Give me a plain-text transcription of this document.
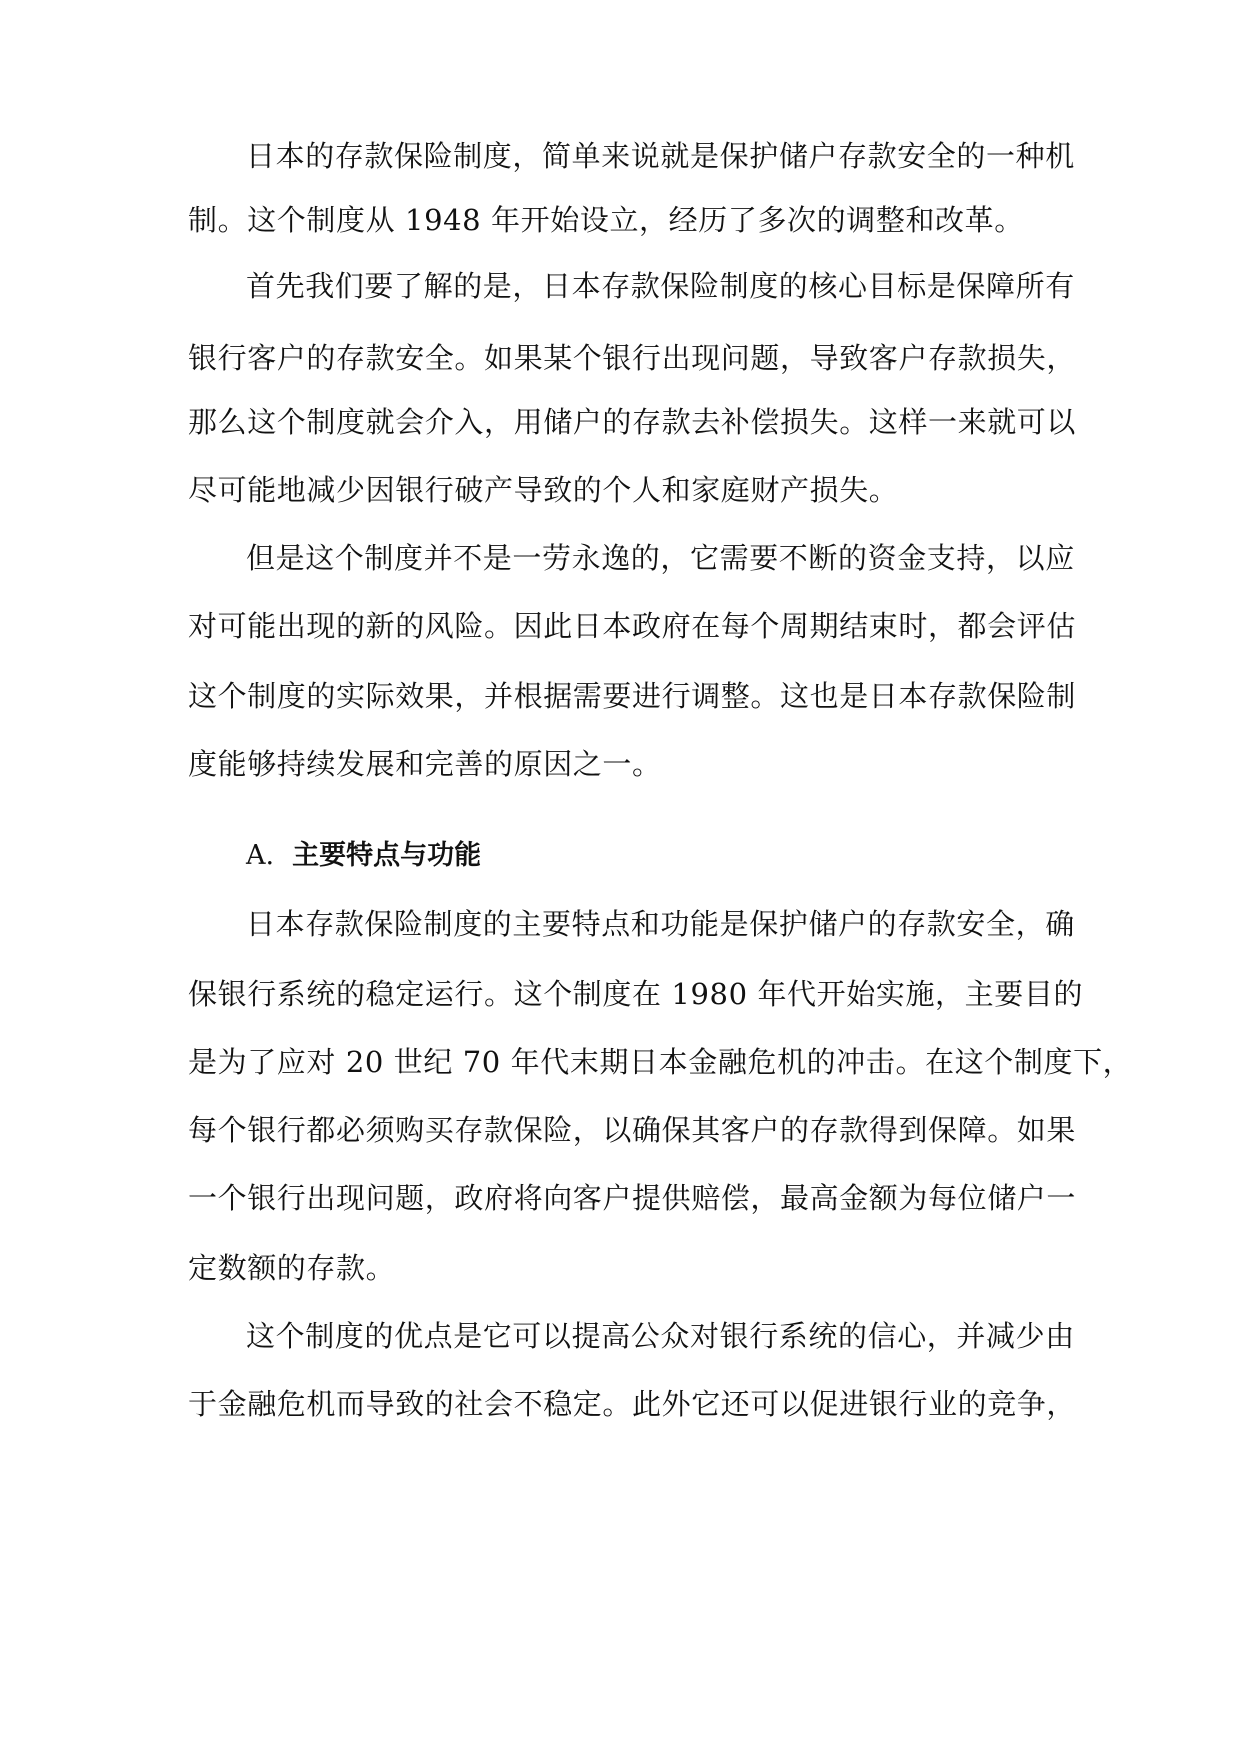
日本的存款保险制度，简单来说就是保护储户存款安全的一种机
制。这个制度从 1948 年开始设立，经历了多次的调整和改革。
首先我们要了解的是，日本存款保险制度的核心目标是保障所有
银行客户的存款安全。如果某个银行出现问题，导致客户存款损失，
那么这个制度就会介入，用储户的存款去补偿损失。这样一来就可以
尽可能地减少因银行破产导致的个人和家庭财产损失。
但是这个制度并不是一劳永逸的，它需要不断的资金支持，以应
对可能出现的新的风险。因此日本政府在每个周期结束时，都会评估
这个制度的实际效果，并根据需要进行调整。这也是日本存款保险制
度能够持续发展和完善的原因之一。
A. 主要特点与功能
日本存款保险制度的主要特点和功能是保护储户的存款安全，确
保银行系统的稳定运行。这个制度在 1980 年代开始实施，主要目的
是为了应对 20 世纪 70 年代末期日本金融危机的冲击。在这个制度下，
每个银行都必须购买存款保险，以确保其客户的存款得到保障。如果
一个银行出现问题，政府将向客户提供赔偿，最高金额为每位储户一
定数额的存款。
这个制度的优点是它可以提高公众对银行系统的信心，并减少由
于金融危机而导致的社会不稳定。此外它还可以促进银行业的竞争，
